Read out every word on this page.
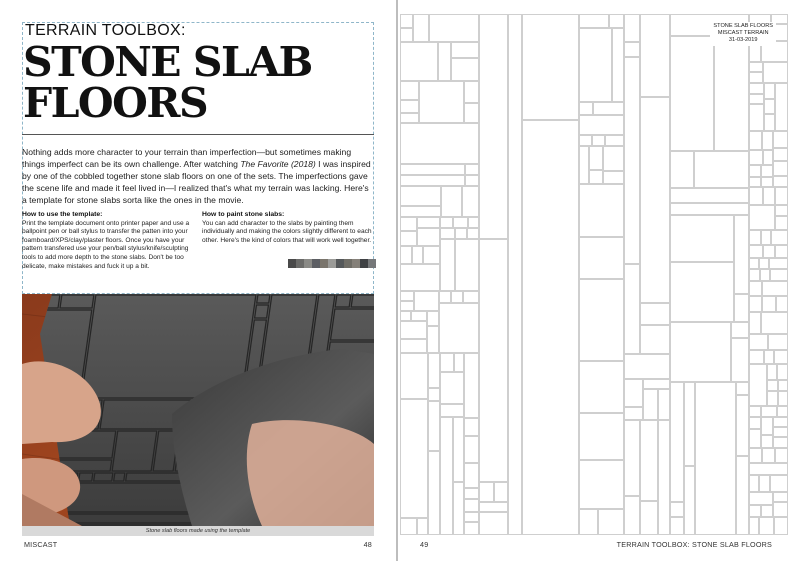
TERRAIN TOOLBOX:
STONE SLAB
FLOORS

Nothing adds more character to your terrain than imperfection—but sometimes making things imperfect can be its own challenge. After watching The Favorite (2018) I was inspired by one of the cobbled together stone slab floors on one of the sets. The imperfections gave the scene life and made it feel lived in—I realized that's what my terrain was lacking. Here's a template for stone slabs sorta like the ones in the movie.

How to use the template:

Print the template document onto printer paper and use a ballpoint pen or ball stylus to transfer the patten into your foamboard/XPS/clay/plaster floors. Once you have your pattern transfered use your pen/ball stylus/knife/sculpting tools to add more depth to the stone slabs. Don't be too delicate, make mistakes and fuck it up a bit.

How to paint stone slabs:

You can add character to the slabs by painting them individually and making the colors slightly different to each other. Here's the kind of colors that will work well together.

Stone slab floors made using the template
MISCAST	48
STONE SLAB FLOORS
MISCAST TERRAIN
31-03-2019
49	TERRAIN TOOLBOX: STONE SLAB FLOORS
